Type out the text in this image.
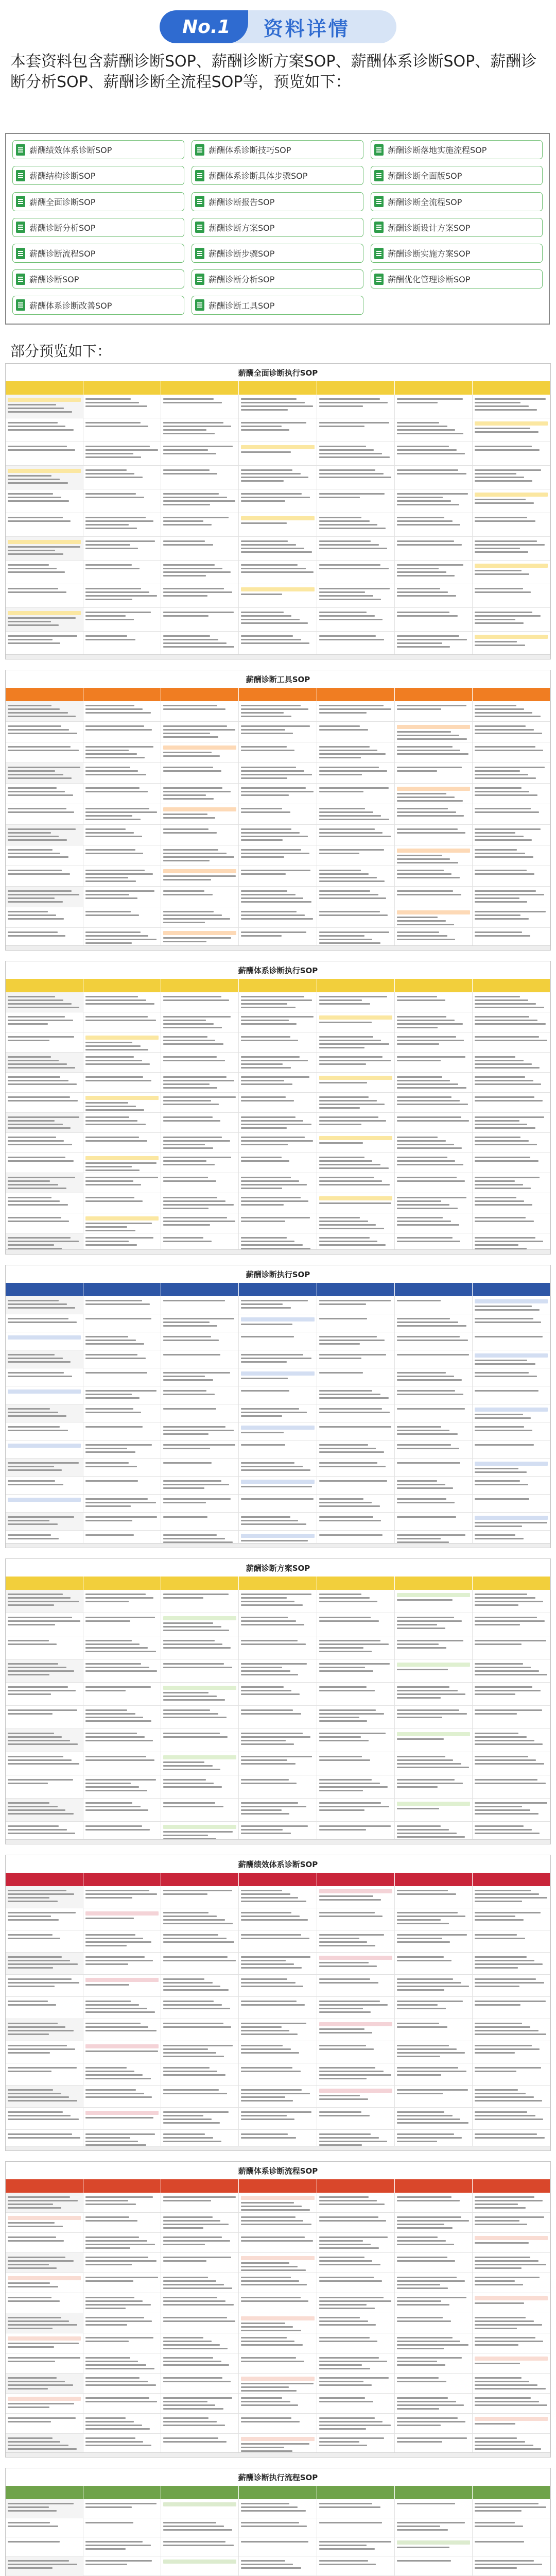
No.1	资料详情

本套资料包含薪酬诊断SOP、薪酬诊断方案SOP、薪酬体系诊断SOP、薪酬诊断分析SOP、薪酬诊断全流程SOP等，预览如下：

薪酬绩效体系诊断SOP	薪酬体系诊断技巧SOP	薪酬诊断落地实施流程SOP
薪酬结构诊断SOP	薪酬体系诊断具体步骤SOP	薪酬诊断全面版SOP
薪酬全面诊断SOP	薪酬诊断报告SOP	薪酬诊断全流程SOP
薪酬诊断分析SOP	薪酬诊断方案SOP	薪酬诊断设计方案SOP
薪酬诊断流程SOP	薪酬诊断步骤SOP	薪酬诊断实施方案SOP
薪酬诊断SOP	薪酬诊断分析SOP	薪酬优化管理诊断SOP
薪酬体系诊断改善SOP	薪酬诊断工具SOP

部分预览如下：

薪酬全面诊断执行SOP
薪酬诊断工具SOP
薪酬体系诊断执行SOP
薪酬诊断执行SOP
薪酬诊断方案SOP
薪酬绩效体系诊断SOP
薪酬体系诊断流程SOP
薪酬诊断执行流程SOP
